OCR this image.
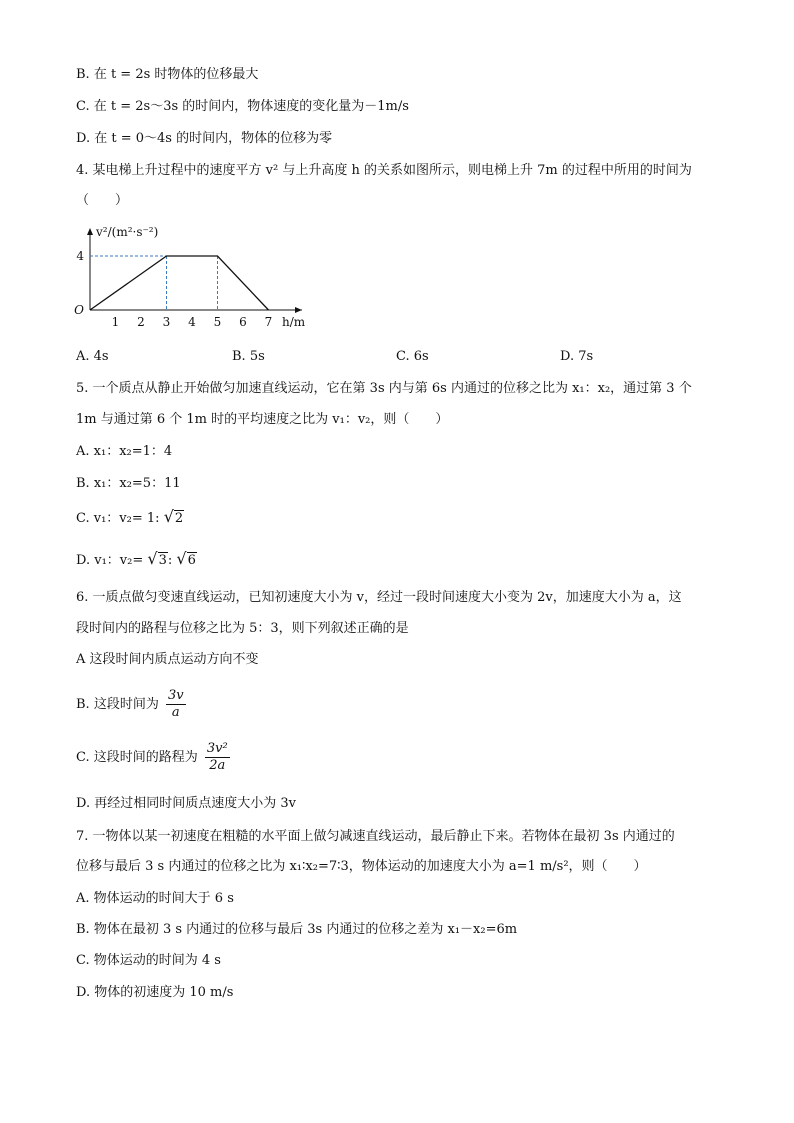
B. 在 t = 2s 时物体的位移最大
C. 在 t = 2s～3s 的时间内，物体速度的变化量为－1m/s
D. 在 t = 0～4s 的时间内，物体的位移为零
4. 某电梯上升过程中的速度平方 v² 与上升高度 h 的关系如图所示，则电梯上升 7m 的过程中所用的时间为
（　　）
1 2 3 4 5 6 7
4
O
h/m
v²/(m²·s⁻²)
A. 4s	B. 5s	C. 6s	D. 7s
5. 一个质点从静止开始做匀加速直线运动，它在第 3s 内与第 6s 内通过的位移之比为 x₁：x₂，通过第 3 个
1m 与通过第 6 个 1m 时的平均速度之比为 v₁：v₂，则（　　）
A. x₁：x₂=1：4
B. x₁：x₂=5：11
C. v₁：v₂= 1: √2
D. v₁：v₂= √3: √6
6. 一质点做匀变速直线运动，已知初速度大小为 v，经过一段时间速度大小变为 2v，加速度大小为 a，这
段时间内的路程与位移之比为 5：3，则下列叙述正确的是
A 这段时间内质点运动方向不变
B. 这段时间为 $\frac{3v}{a}$
C. 这段时间的路程为 $\frac{\text{3v²}}{2a}$
D. 再经过相同时间质点速度大小为 3v
7. 一物体以某一初速度在粗糙的水平面上做匀减速直线运动，最后静止下来。若物体在最初 3s 内通过的
位移与最后 3 s 内通过的位移之比为 x₁∶x₂=7∶3，物体运动的加速度大小为 a=1 m/s²，则（　　）
A. 物体运动的时间大于 6 s
B. 物体在最初 3 s 内通过的位移与最后 3s 内通过的位移之差为 x₁－x₂=6m
C. 物体运动的时间为 4 s
D. 物体的初速度为 10 m/s
